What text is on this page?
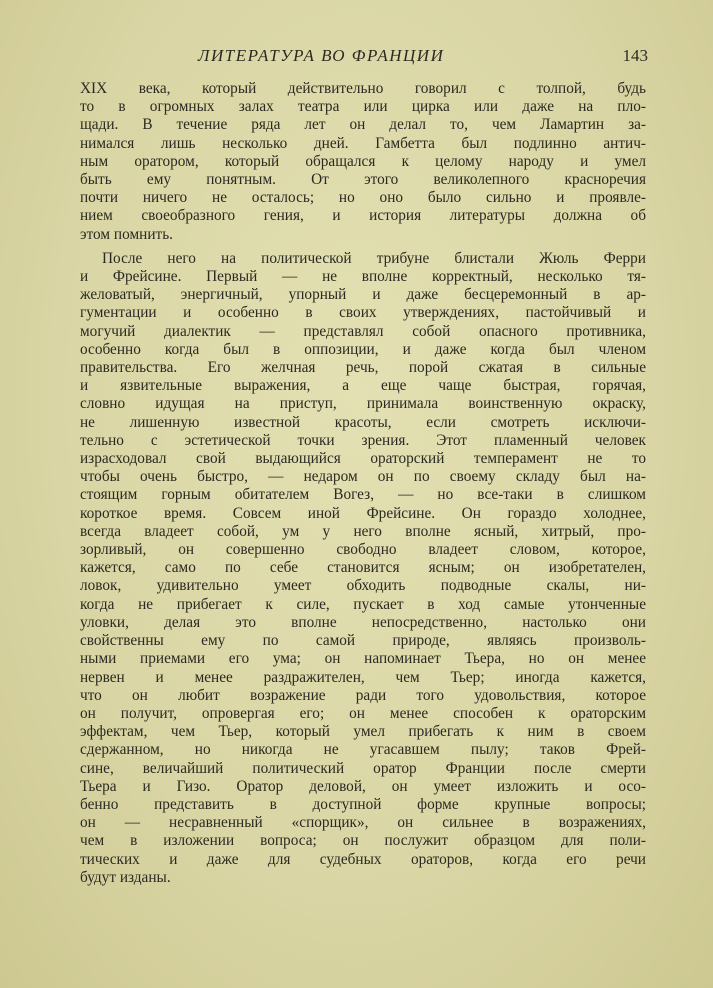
ЛИТЕРАТУРА ВО ФРАНЦИИ	143
XIX века, который действительно говорил с толпой, будь
то в огромных залах театра или цирка или даже на пло-
щади. В течение ряда лет он делал то, чем Ламартин за-
нимался лишь несколько дней. Гамбетта был подлинно антич-
ным оратором, который обращался к целому народу и умел
быть ему понятным. От этого великолепного красноречия
почти ничего не осталось; но оно было сильно и проявле-
нием своеобразного гения, и история литературы должна об
этом помнить.
После него на политической трибуне блистали Жюль Ферри
и Фрейсине. Первый — не вполне корректный, несколько тя-
желоватый, энергичный, упорный и даже бесцеремонный в ар-
гументации и особенно в своих утверждениях, пастойчивый и
могучий диалектик — представлял собой опасного противника,
особенно когда был в оппозиции, и даже когда был членом
правительства. Его желчная речь, порой сжатая в сильные
и язвительные выражения, а еще чаще быстрая, горячая,
словно идущая на приступ, принимала воинственную окраску,
не лишенную известной красоты, если смотреть исключи-
тельно с эстетической точки зрения. Этот пламенный человек
израсходовал свой выдающийся ораторский темперамент не то
чтобы очень быстро, — недаром он по своему складу был на-
стоящим горным обитателем Вогез, — но все-таки в слишком
короткое время. Совсем иной Фрейсине. Он гораздо холоднее,
всегда владеет собой, ум у него вполне ясный, хитрый, про-
зорливый, он совершенно свободно владеет словом, которое,
кажется, само по себе становится ясным; он изобретателен,
ловок, удивительно умеет обходить подводные скалы, ни-
когда не прибегает к силе, пускает в ход самые утонченные
уловки, делая это вполне непосредственно, настолько они
свойственны ему по самой природе, являясь произволь-
ными приемами его ума; он напоминает Тьера, но он менее
нервен и менее раздражителен, чем Тьер; иногда кажется,
что он любит возражение ради того удовольствия, которое
он получит, опровергая его; он менее способен к ораторским
эффектам, чем Тьер, который умел прибегать к ним в своем
сдержанном, но никогда не угасавшем пылу; таков Фрей-
сине, величайший политический оратор Франции после смерти
Тьера и Гизо. Оратор деловой, он умеет изложить и осо-
бенно представить в доступной форме крупные вопросы;
он — несравненный «спорщик», он сильнее в возражениях,
чем в изложении вопроса; он послужит образцом для поли-
тических и даже для судебных ораторов, когда его речи
будут изданы.
